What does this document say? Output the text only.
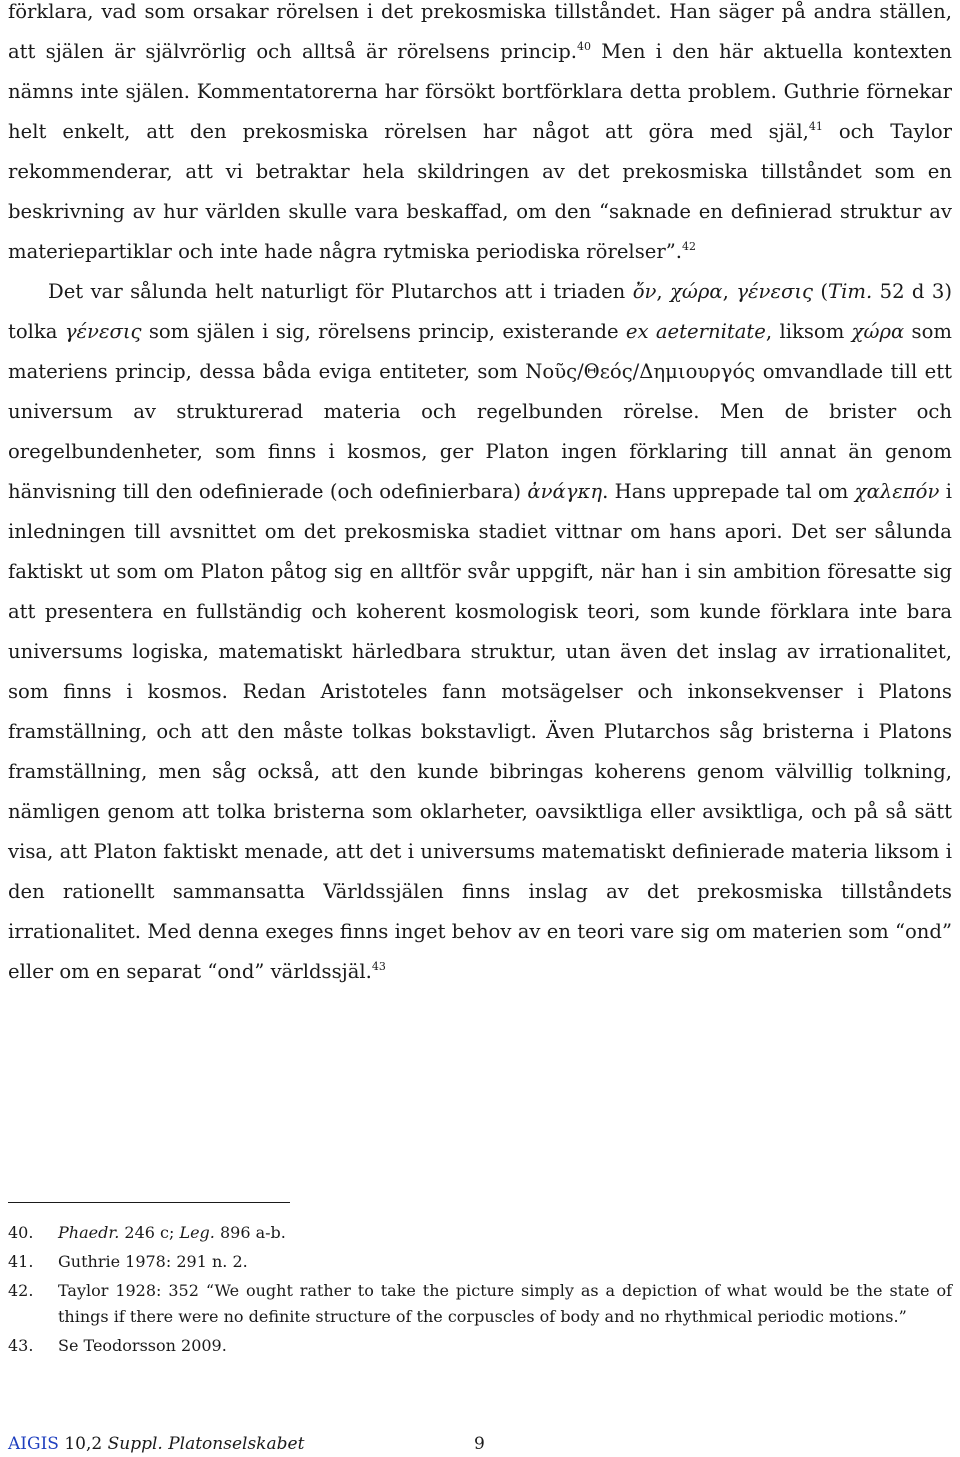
förklara, vad som orsakar rörelsen i det prekosmiska tillståndet. Han säger på andra ställen, att själen är självrörlig och alltså är rörelsens princip.$^{40}$ Men i den här aktuella kontexten nämns inte själen. Kommentatorerna har försökt bortförklara detta problem. Guthrie förnekar helt enkelt, att den prekosmiska rörelsen har något att göra med själ,$^{41}$ och Taylor rekommenderar, att vi betraktar hela skildringen av det prekosmiska tillståndet som en beskrivning av hur världen skulle vara beskaffad, om den “saknade en definierad struktur av materiepartiklar och inte hade några rytmiska periodiska rörelser”.$^{42}$

Det var sålunda helt naturligt för Plutarchos att i triaden ὄν, χώρα, γένεσις (Tim. 52 d 3) tolka γένεσις som själen i sig, rörelsens princip, existerande ex aeternitate, liksom χώρα som materiens princip, dessa båda eviga entiteter, som Νοῦς/Θεός/Δημιουργός omvandlade till ett universum av strukturerad materia och regelbunden rörelse. Men de brister och oregelbundenheter, som finns i kosmos, ger Platon ingen förklaring till annat än genom hänvisning till den odefinierade (och odefinierbara) ἀνάγκη. Hans upprepade tal om χαλεπόν i inledningen till avsnittet om det prekosmiska stadiet vittnar om hans apori. Det ser sålunda faktiskt ut som om Platon påtog sig en alltför svår uppgift, när han i sin ambition föresatte sig att presentera en fullständig och koherent kosmologisk teori, som kunde förklara inte bara universums logiska, matematiskt härledbara struktur, utan även det inslag av irrationalitet, som finns i kosmos. Redan Aristoteles fann motsägelser och inkonsekvenser i Platons framställning, och att den måste tolkas bokstavligt. Även Plutarchos såg bristerna i Platons framställning, men såg också, att den kunde bibringas koherens genom välvillig tolkning, nämligen genom att tolka bristerna som oklarheter, oavsiktliga eller avsiktliga, och på så sätt visa, att Platon faktiskt menade, att det i universums matematiskt definierade materia liksom i den rationellt sammansatta Världssjälen finns inslag av det prekosmiska tillståndets irrationalitet. Med denna exeges finns inget behov av en teori vare sig om materien som “ond” eller om en separat “ond” världssjäl.$^{43}$

40.	Phaedr. 246 c; Leg. 896 a-b.
41.	Guthrie 1978: 291 n. 2.
42.	Taylor 1928: 352 “We ought rather to take the picture simply as a depiction of what would be the state of things if there were no definite structure of the corpuscles of body and no rhythmical periodic motions.”
43.	Se Teodorsson 2009.
AIGIS 10,2 Suppl. Platonselskabet	9
